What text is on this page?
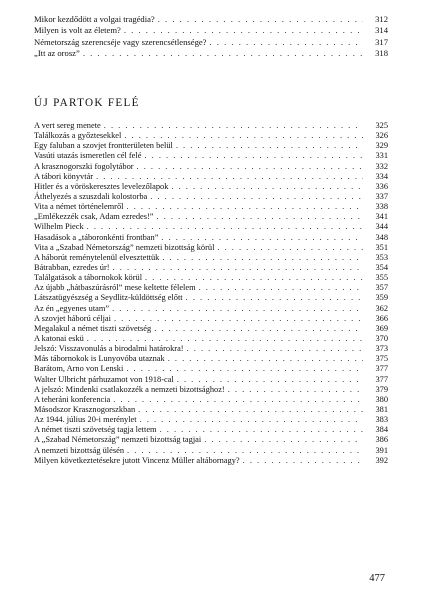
Mikor kezdődött a volgai tragédia? . . .	312
Milyen is volt az életem? . . .	314
Németország szerencséje vagy szerencsétlensége? . . .	317
„Itt az orosz” . . .	318
ÚJ PARTOK FELÉ
A vert sereg menete . . .	325
Találkozás a győztesekkel . . .	326
Egy faluban a szovjet frontterületen belül . . .	329
Vasúti utazás ismeretlen cél felé . . .	331
A krasznogorszki fogolytábor . . .	332
A tábori könyvtár . . .	334
Hitler és a vöröskeresztes levelezőlapok . . .	336
Áthelyezés a szuszdali kolostorba . . .	337
Vita a német történelemről . . .	338
„Emlékezzék csak, Adam ezredes!” . . .	341
Wilhelm Pieck . . .	344
Hasadások a „táboronkénti frontban” . . .	348
Vita a „Szabad Németország” nemzeti bizottság körül . . .	351
A háborút reménytelenül elvesztettük . . .	353
Bátrabban, ezredes úr! . . .	354
Találgatások a tábornokok körül . . .	355
Az újabb „hátbaszúrásról” mese keltette félelem . . .	357
Látszatügyészség a Seydlitz-küldöttség előtt . . .	359
Az én „egyenes utam” . . .	362
A szovjet háború céljai . . .	366
Megalakul a német tiszti szövetség . . .	369
A katonai eskü . . .	370
Jelszó: Visszavonulás a birodalmi határokra! . . .	373
Más tábornokok is Lunyovóba utaznak . . .	375
Barátom, Arno von Lenski . . .	377
Walter Ulbricht párhuzamot von 1918-cal . . .	377
A jelszó: Mindenki csatlakozzék a nemzeti bizottsághoz! . . .	379
A teheráni konferencia . . .	380
Másodszor Krasznogorszkban . . .	381
Az 1944. július 20-i merénylet . . .	383
A német tiszti szövetség tagja lettem . . .	384
A „Szabad Németország” nemzeti bizottság tagjai . . .	386
A nemzeti bizottság ülésén . . .	391
Milyen következtetésekre jutott Vincenz Müller altábornagy? . . .	392
477
